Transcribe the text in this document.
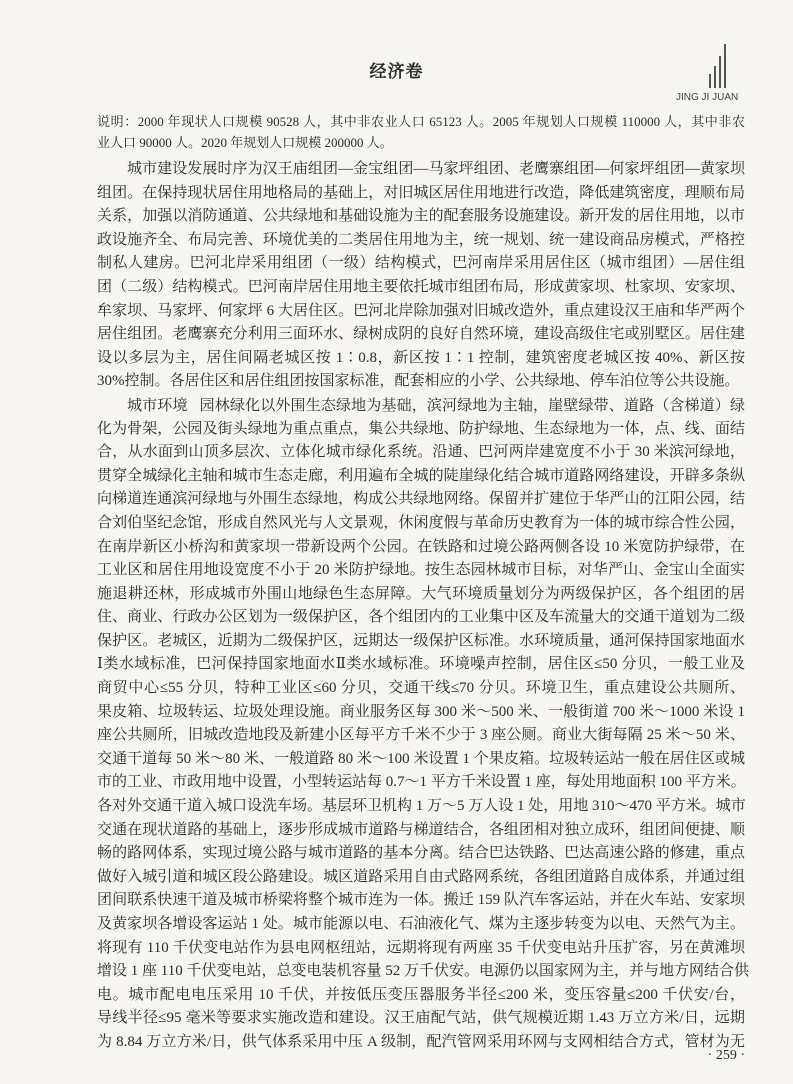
经济卷
JING JI JUAN
说明：2000 年现状人口规模 90528 人，其中非农业人口 65123 人。2005 年规划人口规模 110000 人，其中非农
业人口 90000 人。2020 年规划人口规模 200000 人。
城市建设发展时序为汉王庙组团—金宝组团—马家坪组团、老鹰寨组团—何家坪组团—黄家坝
组团。在保持现状居住用地格局的基础上，对旧城区居住用地进行改造，降低建筑密度，理顺布局
关系，加强以消防通道、公共绿地和基础设施为主的配套服务设施建设。新开发的居住用地，以市
政设施齐全、布局完善、环境优美的二类居住用地为主，统一规划、统一建设商品房模式，严格控
制私人建房。巴河北岸采用组团（一级）结构模式，巴河南岸采用居住区（城市组团）—居住组
团（二级）结构模式。巴河南岸居住用地主要依托城市组团布局，形成黄家坝、杜家坝、安家坝、
牟家坝、马家坪、何家坪 6 大居住区。巴河北岸除加强对旧城改造外，重点建设汉王庙和华严两个
居住组团。老鹰寨充分利用三面环水、绿树成阴的良好自然环境，建设高级住宅或别墅区。居住建
设以多层为主，居住间隔老城区按 1∶0.8，新区按 1∶1 控制，建筑密度老城区按 40%、新区按
30%控制。各居住区和居住组团按国家标准，配套相应的小学、公共绿地、停车泊位等公共设施。
城市环境 园林绿化以外围生态绿地为基础，滨河绿地为主轴，崖壁绿带、道路（含梯道）绿
化为骨架，公园及街头绿地为重点重点，集公共绿地、防护绿地、生态绿地为一体，点、线、面结
合，从水面到山顶多层次、立体化城市绿化系统。沿通、巴河两岸建宽度不小于 30 米滨河绿地，
贯穿全城绿化主轴和城市生态走廊，利用遍布全城的陡崖绿化结合城市道路网络建设，开辟多条纵
向梯道连通滨河绿地与外围生态绿地，构成公共绿地网络。保留并扩建位于华严山的江阳公园，结
合刘伯坚纪念馆，形成自然风光与人文景观，休闲度假与革命历史教育为一体的城市综合性公园，
在南岸新区小桥沟和黄家坝一带新设两个公园。在铁路和过境公路两侧各设 10 米宽防护绿带，在
工业区和居住用地设宽度不小于 20 米防护绿地。按生态园林城市目标，对华严山、金宝山全面实
施退耕还林，形成城市外围山地绿色生态屏障。大气环境质量划分为两级保护区，各个组团的居
住、商业、行政办公区划为一级保护区，各个组团内的工业集中区及车流量大的交通干道划为二级
保护区。老城区，近期为二级保护区，远期达一级保护区标准。水环境质量，通河保持国家地面水
Ⅰ类水域标准，巴河保持国家地面水Ⅱ类水域标准。环境噪声控制，居住区≤50 分贝，一般工业及
商贸中心≤55 分贝，特种工业区≤60 分贝，交通干线≤70 分贝。环境卫生，重点建设公共厕所、
果皮箱、垃圾转运、垃圾处理设施。商业服务区每 300 米～500 米、一般街道 700 米～1000 米设 1
座公共厕所，旧城改造地段及新建小区每平方千米不少于 3 座公厕。商业大街每隔 25 米～50 米、
交通干道每 50 米～80 米、一般道路 80 米～100 米设置 1 个果皮箱。垃圾转运站一般在居住区或城
市的工业、市政用地中设置，小型转运站每 0.7～1 平方千米设置 1 座，每处用地面积 100 平方米。
各对外交通干道入城口设洗车场。基层环卫机构 1 万～5 万人设 1 处，用地 310～470 平方米。城市
交通在现状道路的基础上，逐步形成城市道路与梯道结合，各组团相对独立成环，组团间便捷、顺
畅的路网体系，实现过境公路与城市道路的基本分离。结合巴达铁路、巴达高速公路的修建，重点
做好入城引道和城区段公路建设。城区道路采用自由式路网系统，各组团道路自成体系，并通过组
团间联系快速干道及城市桥梁将整个城市连为一体。搬迁 159 队汽车客运站，并在火车站、安家坝
及黄家坝各增设客运站 1 处。城市能源以电、石油液化气、煤为主逐步转变为以电、天然气为主。
将现有 110 千伏变电站作为县电网枢纽站，远期将现有两座 35 千伏变电站升压扩容，另在黄滩坝
增设 1 座 110 千伏变电站，总变电装机容量 52 万千伏安。电源仍以国家网为主，并与地方网结合供
电。城市配电电压采用 10 千伏，并按低压变压器服务半径≤200 米，变压容量≤200 千伏安/台，
导线半径≤95 毫米等要求实施改造和建设。汉王庙配气站，供气规模近期 1.43 万立方米/日，远期
为 8.84 万立方米/日，供气体系采用中压 A 级制，配汽管网采用环网与支网相结合方式，管材为无
· 259 ·
